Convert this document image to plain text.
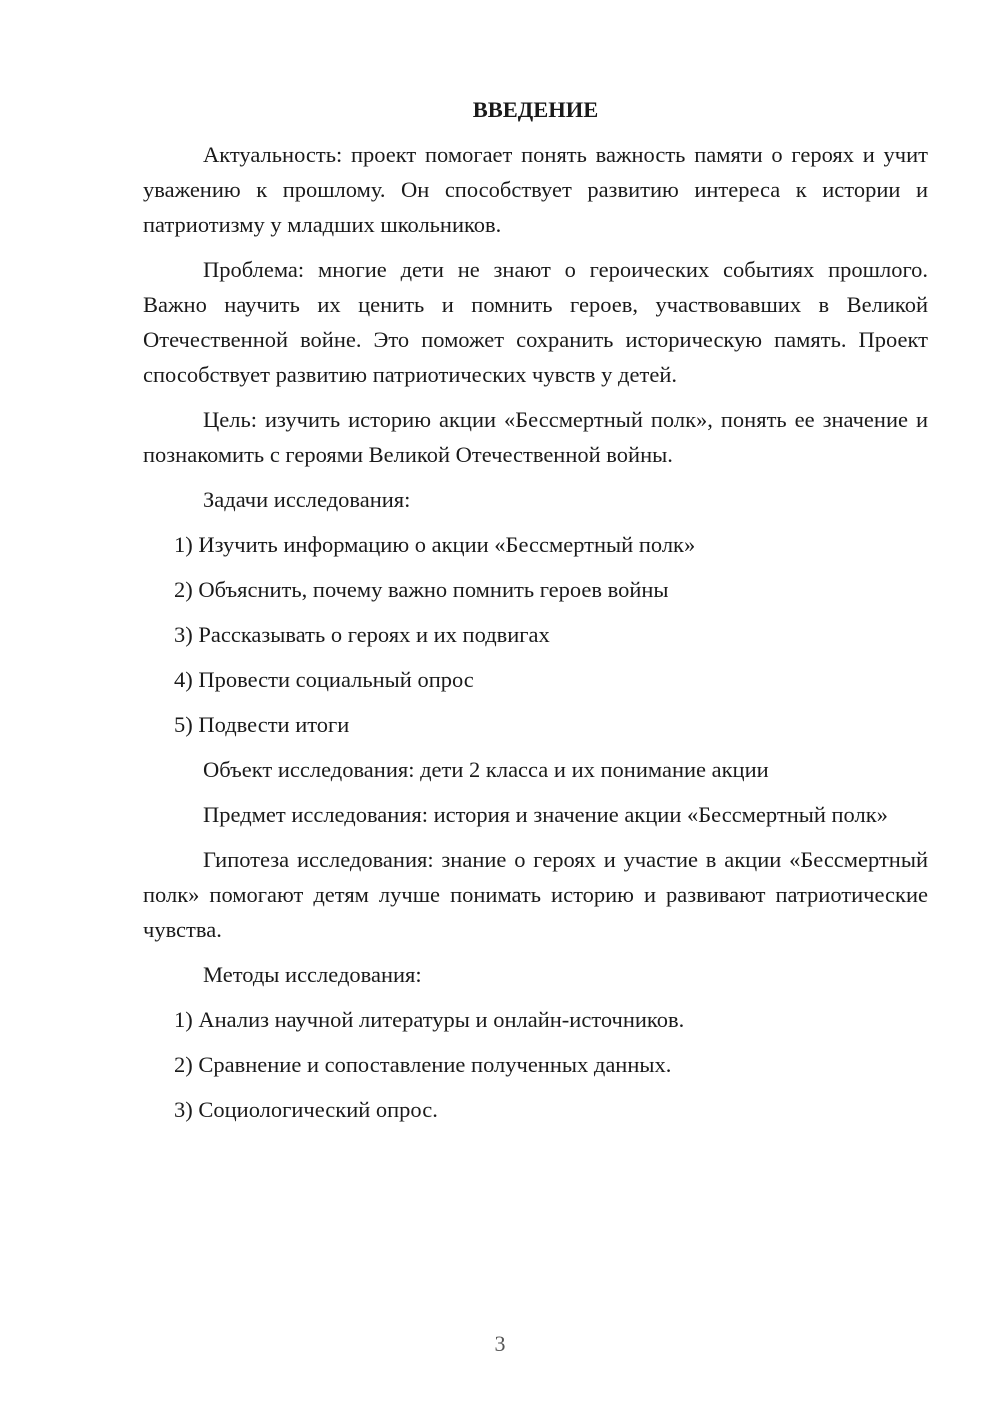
ВВЕДЕНИЕ

Актуальность: проект помогает понять важность памяти о героях и учит уважению к прошлому. Он способствует развитию интереса к истории и патриотизму у младших школьников.

Проблема: многие дети не знают о героических событиях прошлого. Важно научить их ценить и помнить героев, участвовавших в Великой Отечественной войне. Это поможет сохранить историческую память. Проект способствует развитию патриотических чувств у детей.

Цель: изучить историю акции «Бессмертный полк», понять ее значение и познакомить с героями Великой Отечественной войны.

Задачи исследования:

1) Изучить информацию о акции «Бессмертный полк»

2) Объяснить, почему важно помнить героев войны

3) Рассказывать о героях и их подвигах

4) Провести социальный опрос

5) Подвести итоги

Объект исследования: дети 2 класса и их понимание акции

Предмет исследования: история и значение акции «Бессмертный полк»

Гипотеза исследования: знание о героях и участие в акции «Бессмертный полк» помогают детям лучше понимать историю и развивают патриотические чувства.

Методы исследования:

1) Анализ научной литературы и онлайн-источников.

2) Сравнение и сопоставление полученных данных.

3) Социологический опрос.

3
